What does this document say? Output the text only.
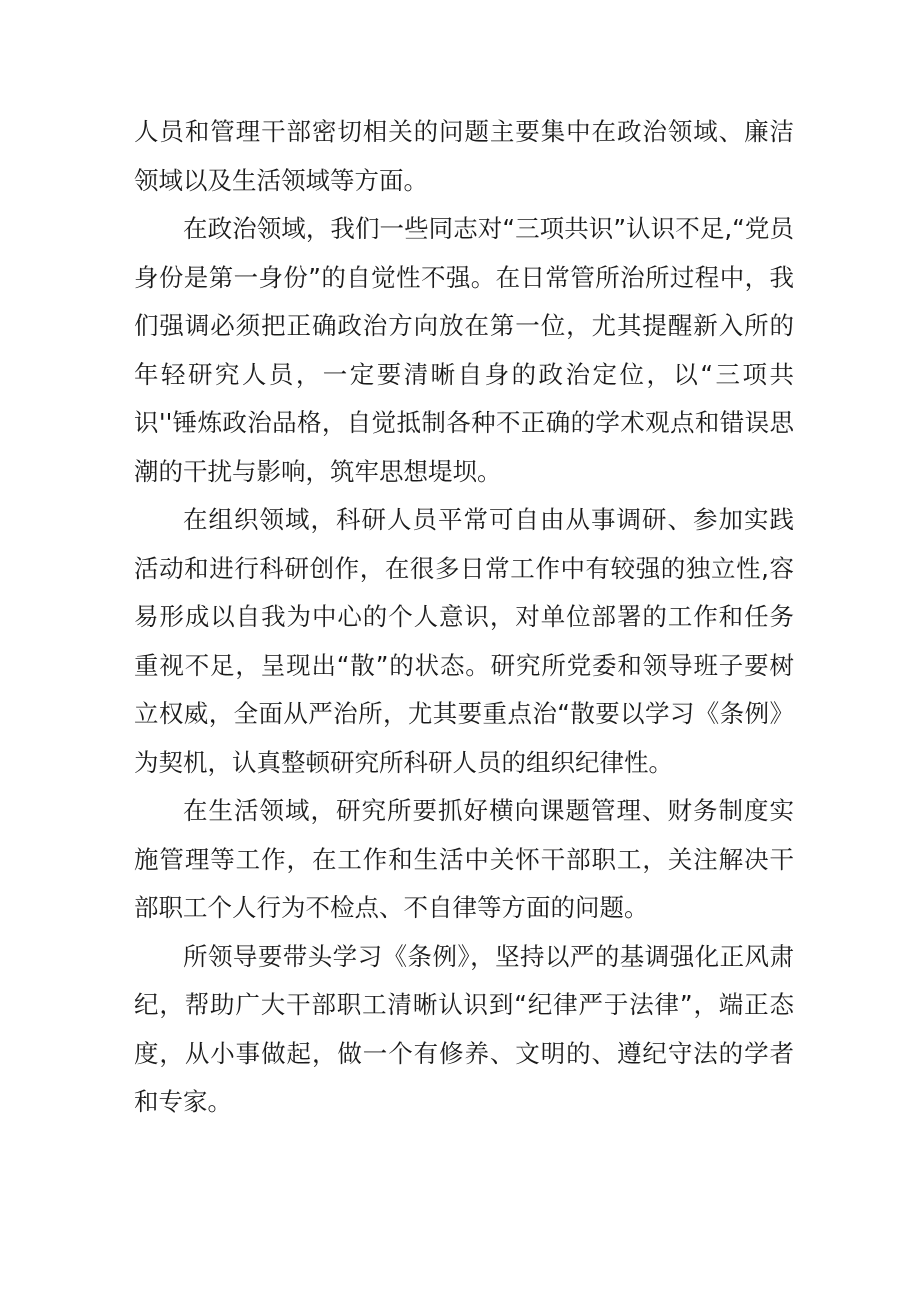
人员和管理干部密切相关的问题主要集中在政治领域、廉洁领域以及生活领域等方面。

在政治领域，我们一些同志对“三项共识”认识不足,“党员身份是第一身份”的自觉性不强。在日常管所治所过程中，我们强调必须把正确政治方向放在第一位，尤其提醒新入所的年轻研究人员，一定要清晰自身的政治定位，以“三项共识''锤炼政治品格，自觉抵制各种不正确的学术观点和错误思潮的干扰与影响，筑牢思想堤坝。

在组织领域，科研人员平常可自由从事调研、参加实践活动和进行科研创作，在很多日常工作中有较强的独立性,容易形成以自我为中心的个人意识，对单位部署的工作和任务重视不足，呈现出“散”的状态。研究所党委和领导班子要树立权威，全面从严治所，尤其要重点治“散要以学习《条例》为契机，认真整顿研究所科研人员的组织纪律性。

在生活领域，研究所要抓好横向课题管理、财务制度实施管理等工作，在工作和生活中关怀干部职工，关注解决干部职工个人行为不检点、不自律等方面的问题。

所领导要带头学习《条例》，坚持以严的基调强化正风肃纪，帮助广大干部职工清晰认识到“纪律严于法律”，端正态度，从小事做起，做一个有修养、文明的、遵纪守法的学者和专家。
